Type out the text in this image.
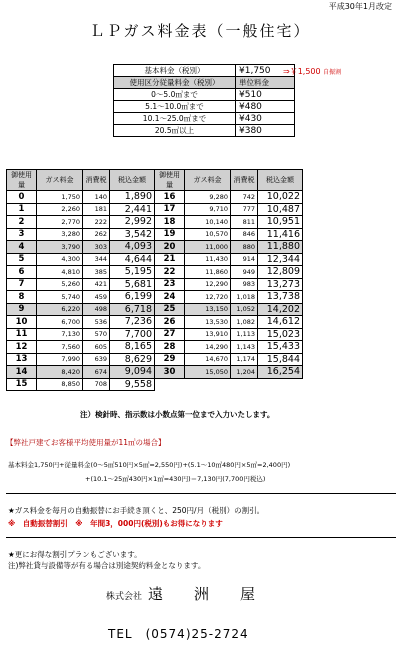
平成30年1月改定
ＬＰガス料金表（一般住宅）
基本料金（税別）	¥1,750
使用区分従量料金（税別）	単位料金
0～5.0㎥まで	¥510
5.1～10.0㎥まで	¥480
10.1～25.0㎥まで	¥430
20.5㎥以上	¥380
⇒￥1,500 自振割
御使用量	ガス料金	消費税	税込金額	御使用量	ガス料金	消費税	税込金額
0	1,750	140	1,890	16	9,280	742	10,022
1	2,260	181	2,441	17	9,710	777	10,487
2	2,770	222	2,992	18	10,140	811	10,951
3	3,280	262	3,542	19	10,570	846	11,416
4	3,790	303	4,093	20	11,000	880	11,880
5	4,300	344	4,644	21	11,430	914	12,344
6	4,810	385	5,195	22	11,860	949	12,809
7	5,260	421	5,681	23	12,290	983	13,273
8	5,740	459	6,199	24	12,720	1,018	13,738
9	6,220	498	6,718	25	13,150	1,052	14,202
10	6,700	536	7,236	26	13,530	1,082	14,612
11	7,130	570	7,700	27	13,910	1,113	15,023
12	7,560	605	8,165	28	14,290	1,143	15,433
13	7,990	639	8,629	29	14,670	1,174	15,844
14	8,420	674	9,094	30	15,050	1,204	16,254
15	8,850	708	9,558				
注）検針時、指示数は小数点第一位まで入力いたします。
【弊社戸建てお客様平均使用量が11㎥の場合】
基本料金1,750円+従量料金(0～5㎥510円×5㎥=2,550円)+(5.1～10㎥480円×5㎥=2,400円)
+(10.1～25㎥430円×1㎥=430円)＝7,130円(7,700円税込)
★ガス料金を毎月の自動振替にお手続き頂くと、250円/月（税別）の割引。
※　自動振替割引　※　年間3，000円(税別)もお得になります
★更にお得な割引プランもございます。
注)弊社貸与設備等が有る場合は別途契約料金となります。
株式会社 遠　洲　屋
TEL　(0574)25-2724
